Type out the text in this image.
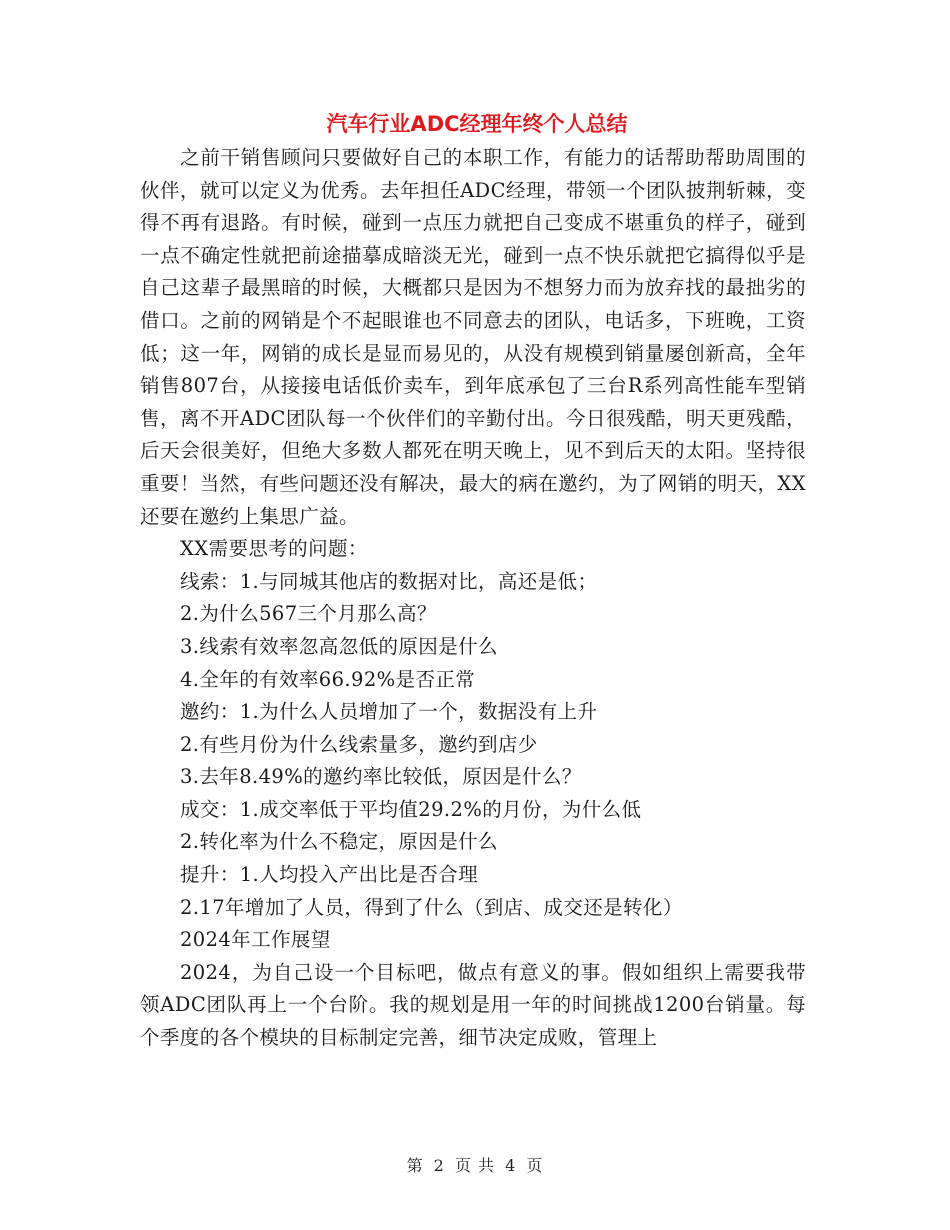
汽车行业ADC经理年终个人总结

之前干销售顾问只要做好自己的本职工作，有能力的话帮助帮助周围的伙伴，就可以定义为优秀。去年担任ADC经理，带领一个团队披荆斩棘，变得不再有退路。有时候，碰到一点压力就把自己变成不堪重负的样子，碰到一点不确定性就把前途描摹成暗淡无光，碰到一点不快乐就把它搞得似乎是自己这辈子最黑暗的时候，大概都只是因为不想努力而为放弃找的最拙劣的借口。之前的网销是个不起眼谁也不同意去的团队，电话多，下班晚，工资低；这一年，网销的成长是显而易见的，从没有规模到销量屡创新高，全年销售807台，从接接电话低价卖车，到年底承包了三台R系列高性能车型销售，离不开ADC团队每一个伙伴们的辛勤付出。今日很残酷，明天更残酷，后天会很美好，但绝大多数人都死在明天晚上，见不到后天的太阳。坚持很重要！当然，有些问题还没有解决，最大的病在邀约，为了网销的明天，XX还要在邀约上集思广益。

XX需要思考的问题：

线索：1.与同城其他店的数据对比，高还是低；

2.为什么567三个月那么高？

3.线索有效率忽高忽低的原因是什么

4.全年的有效率66.92%是否正常

邀约：1.为什么人员增加了一个，数据没有上升

2.有些月份为什么线索量多，邀约到店少

3.去年8.49%的邀约率比较低，原因是什么？

成交：1.成交率低于平均值29.2%的月份，为什么低

2.转化率为什么不稳定，原因是什么

提升：1.人均投入产出比是否合理

2.17年增加了人员，得到了什么（到店、成交还是转化）

2024年工作展望

2024，为自己设一个目标吧，做点有意义的事。假如组织上需要我带领ADC团队再上一个台阶。我的规划是用一年的时间挑战1200台销量。每个季度的各个模块的目标制定完善，细节决定成败，管理上

第 2 页 共 4 页
